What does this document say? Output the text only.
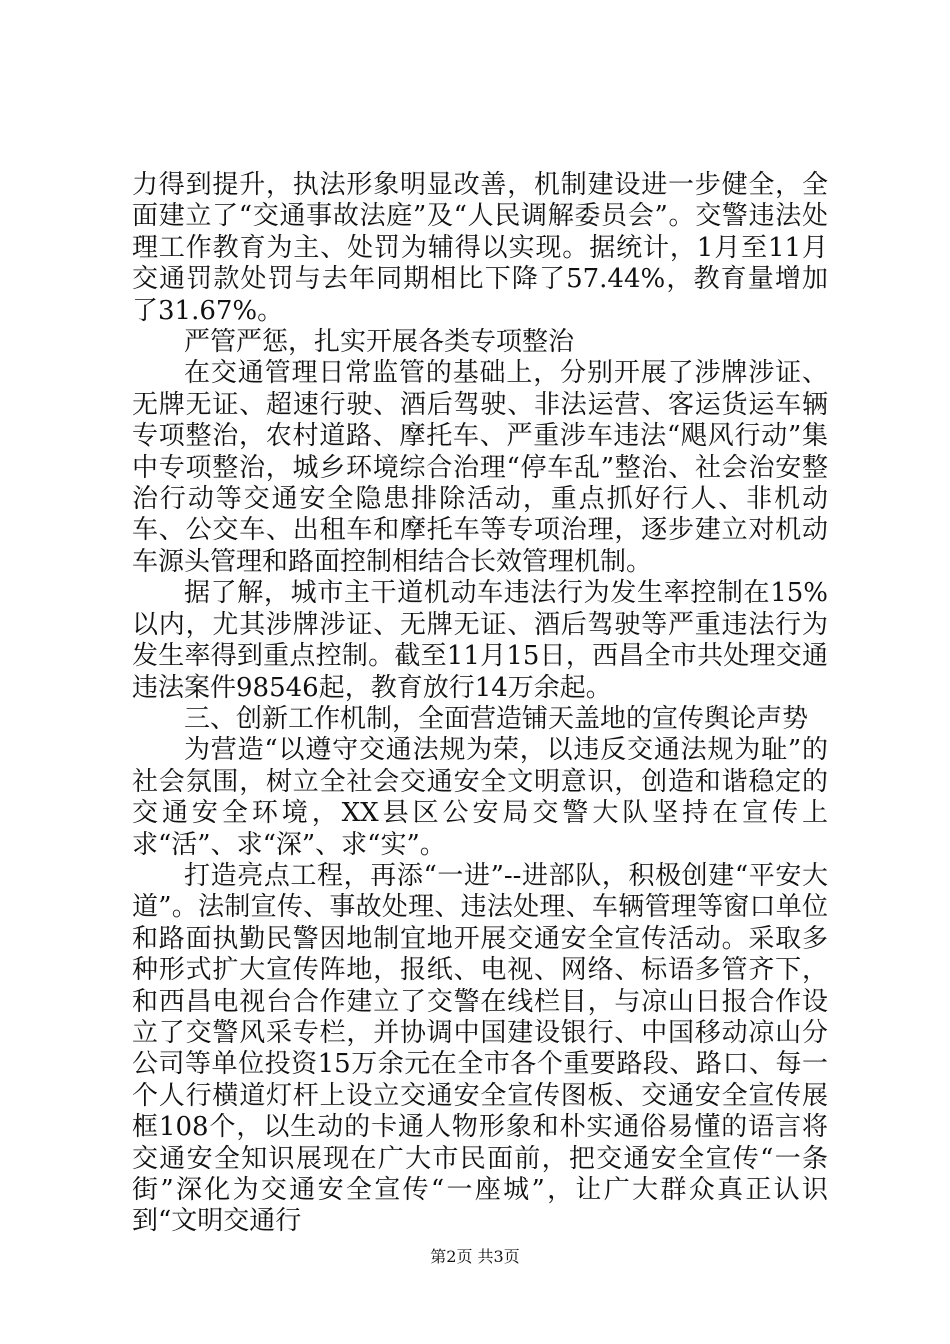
力得到提升，执法形象明显改善，机制建设进一步健全，全面建立了“交通事故法庭”及“人民调解委员会”。交警违法处理工作教育为主、处罚为辅得以实现。据统计，1月至11月交通罚款处罚与去年同期相比下降了57.44%，教育量增加了31.67%。

严管严惩，扎实开展各类专项整治

在交通管理日常监管的基础上，分别开展了涉牌涉证、无牌无证、超速行驶、酒后驾驶、非法运营、客运货运车辆专项整治，农村道路、摩托车、严重涉车违法“飓风行动”集中专项整治，城乡环境综合治理“停车乱”整治、社会治安整治行动等交通安全隐患排除活动，重点抓好行人、非机动车、公交车、出租车和摩托车等专项治理，逐步建立对机动车源头管理和路面控制相结合长效管理机制。

据了解，城市主干道机动车违法行为发生率控制在15%以内，尤其涉牌涉证、无牌无证、酒后驾驶等严重违法行为发生率得到重点控制。截至11月15日，西昌全市共处理交通违法案件98546起，教育放行14万余起。

三、创新工作机制，全面营造铺天盖地的宣传舆论声势

为营造“以遵守交通法规为荣，以违反交通法规为耻”的社会氛围，树立全社会交通安全文明意识，创造和谐稳定的交通安全环境，XX县区公安局交警大队坚持在宣传上求“活”、求“深”、求“实”。

打造亮点工程，再添“一进”--进部队，积极创建“平安大道”。法制宣传、事故处理、违法处理、车辆管理等窗口单位和路面执勤民警因地制宜地开展交通安全宣传活动。采取多种形式扩大宣传阵地，报纸、电视、网络、标语多管齐下，和西昌电视台合作建立了交警在线栏目，与凉山日报合作设立了交警风采专栏，并协调中国建设银行、中国移动凉山分公司等单位投资15万余元在全市各个重要路段、路口、每一个人行横道灯杆上设立交通安全宣传图板、交通安全宣传展框108个，以生动的卡通人物形象和朴实通俗易懂的语言将交通安全知识展现在广大市民面前，把交通安全宣传“一条街”深化为交通安全宣传“一座城”，让广大群众真正认识到“文明交通行

第2页 共3页
